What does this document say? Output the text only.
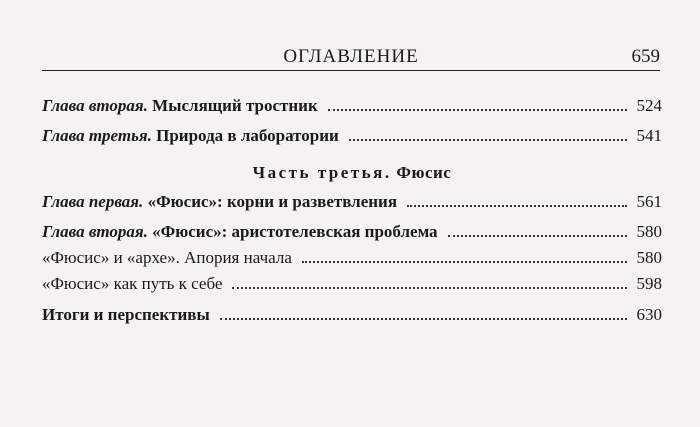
ОГЛАВЛЕНИЕ	659
Глава вторая. Мыслящий тростник	524
Глава третья. Природа в лаборатории	541
Часть третья. Фюсис
Глава первая. «Фюсис»: корни и разветвления	561
Глава вторая. «Фюсис»: аристотелевская проблема	580
«Фюсис» и «архе». Апория начала	580
«Фюсис» как путь к себе	598
Итоги и перспективы	630
